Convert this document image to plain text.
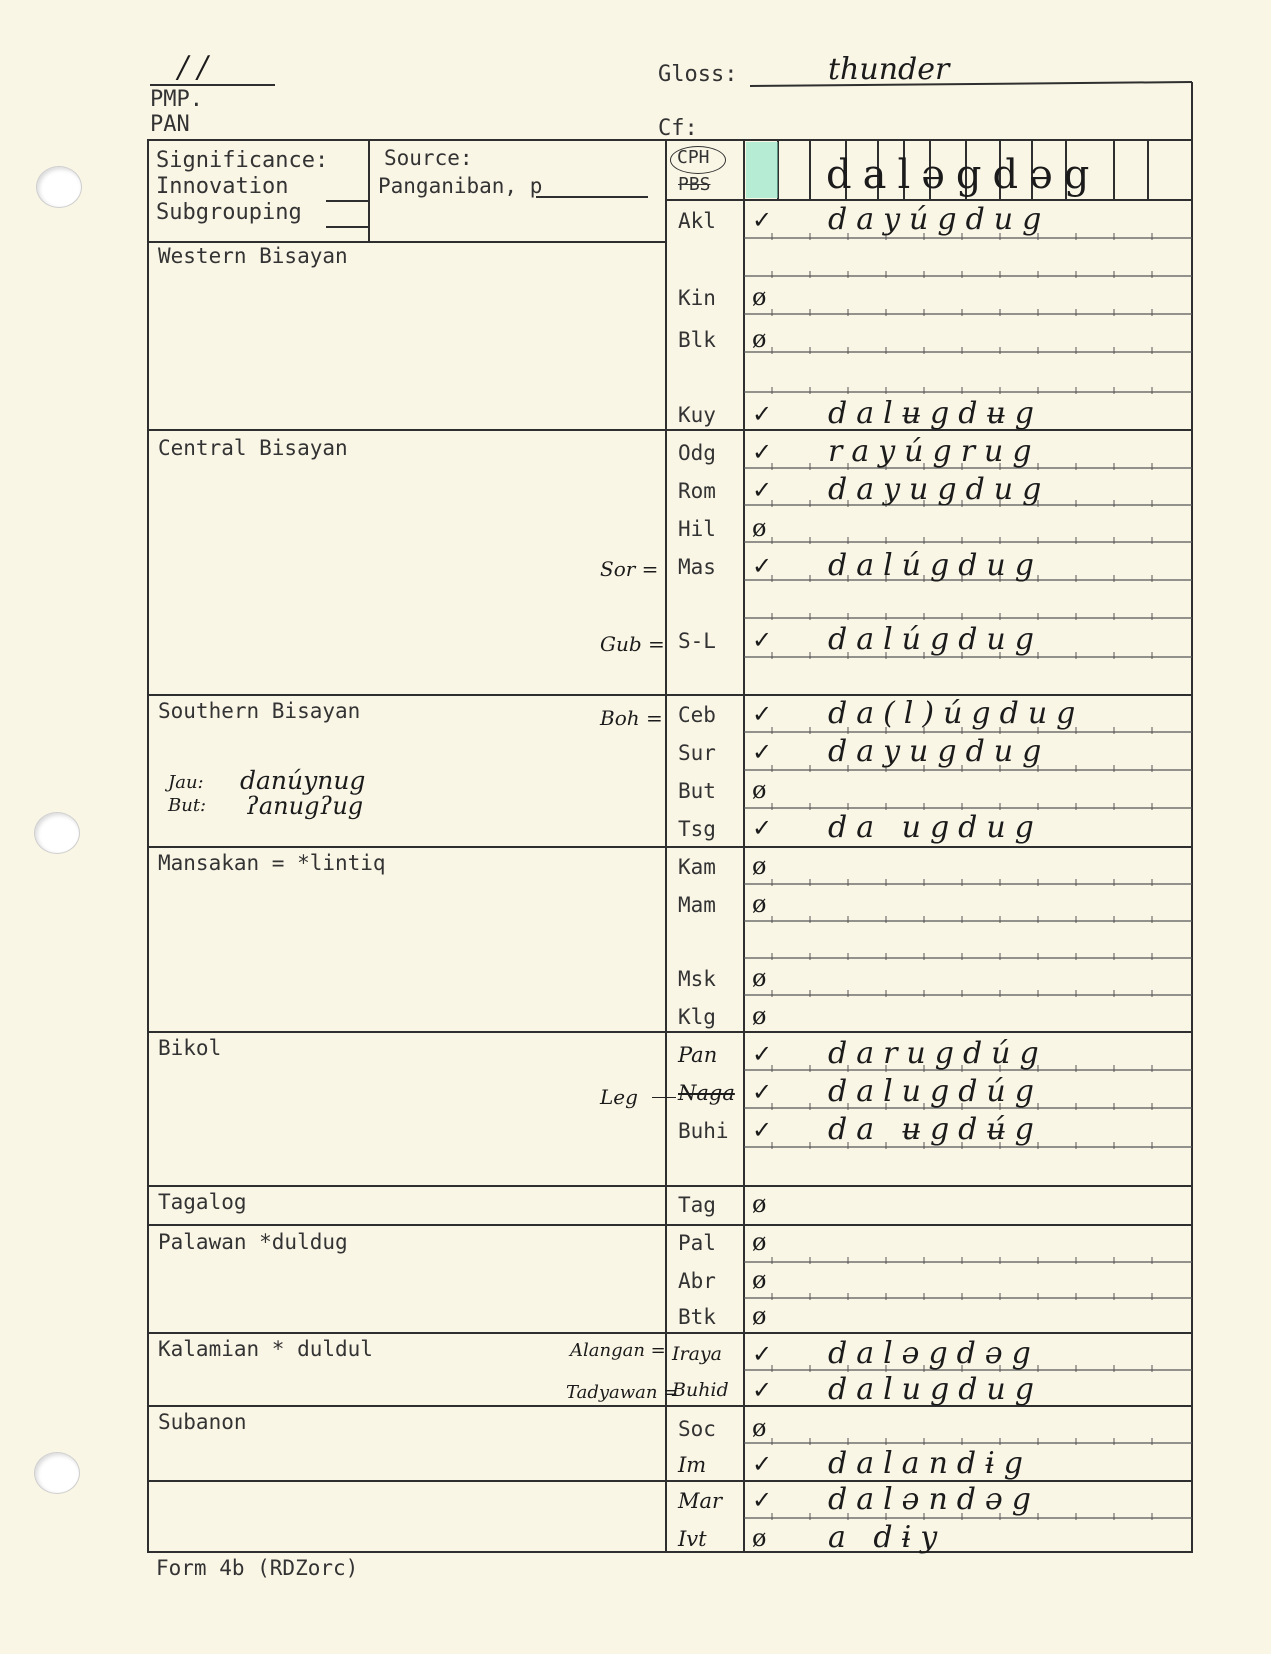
/ /
PMP.
PAN
Gloss:	thunder
Cf:
Significance:
Innovation
Subgrouping
Source:
Panganiban, p
CPH
PBS	dalǝgdǝg
Western Bisayan
Central Bisayan
Southern Bisayan
Mansakan = *lintiq
Bikol
Tagalog
Palawan *duldug
Kalamian * duldul
Subanon
Jau: danúynug
But: ʔanugʔug
Sor =
Gub =
Boh =
Leg
Alangan =
Tadyawan =
Akl	✓ dayúgdug
Kin	ø
Blk	ø
Kuy	✓ dalʉgdʉg
Odg	✓ rayúgrug
Rom	✓ dayugdug
Hil	ø
Mas	✓ dalúgdug
S-L	✓ dalúgdug
Ceb	✓ da(l)úgdug
Sur	✓ dayugdug
But	ø
Tsg	✓ da ugdug
Kam	ø
Mam	ø
Msk	ø
Klg	ø
Pan	✓ darugdúg
Naga ✓ dalugdúg
Buhi ✓ da ʉgdʉ́g
Tag	ø
Pal	ø
Abr	ø
Btk	ø
Iraya	✓ dalǝgdǝg
Buhid ✓ dalugdug
Soc	ø
Im	✓ dalandɨg
Mar	✓ dalǝndǝg
Ivt	ø a dɨy
Form 4b (RDZorc)
